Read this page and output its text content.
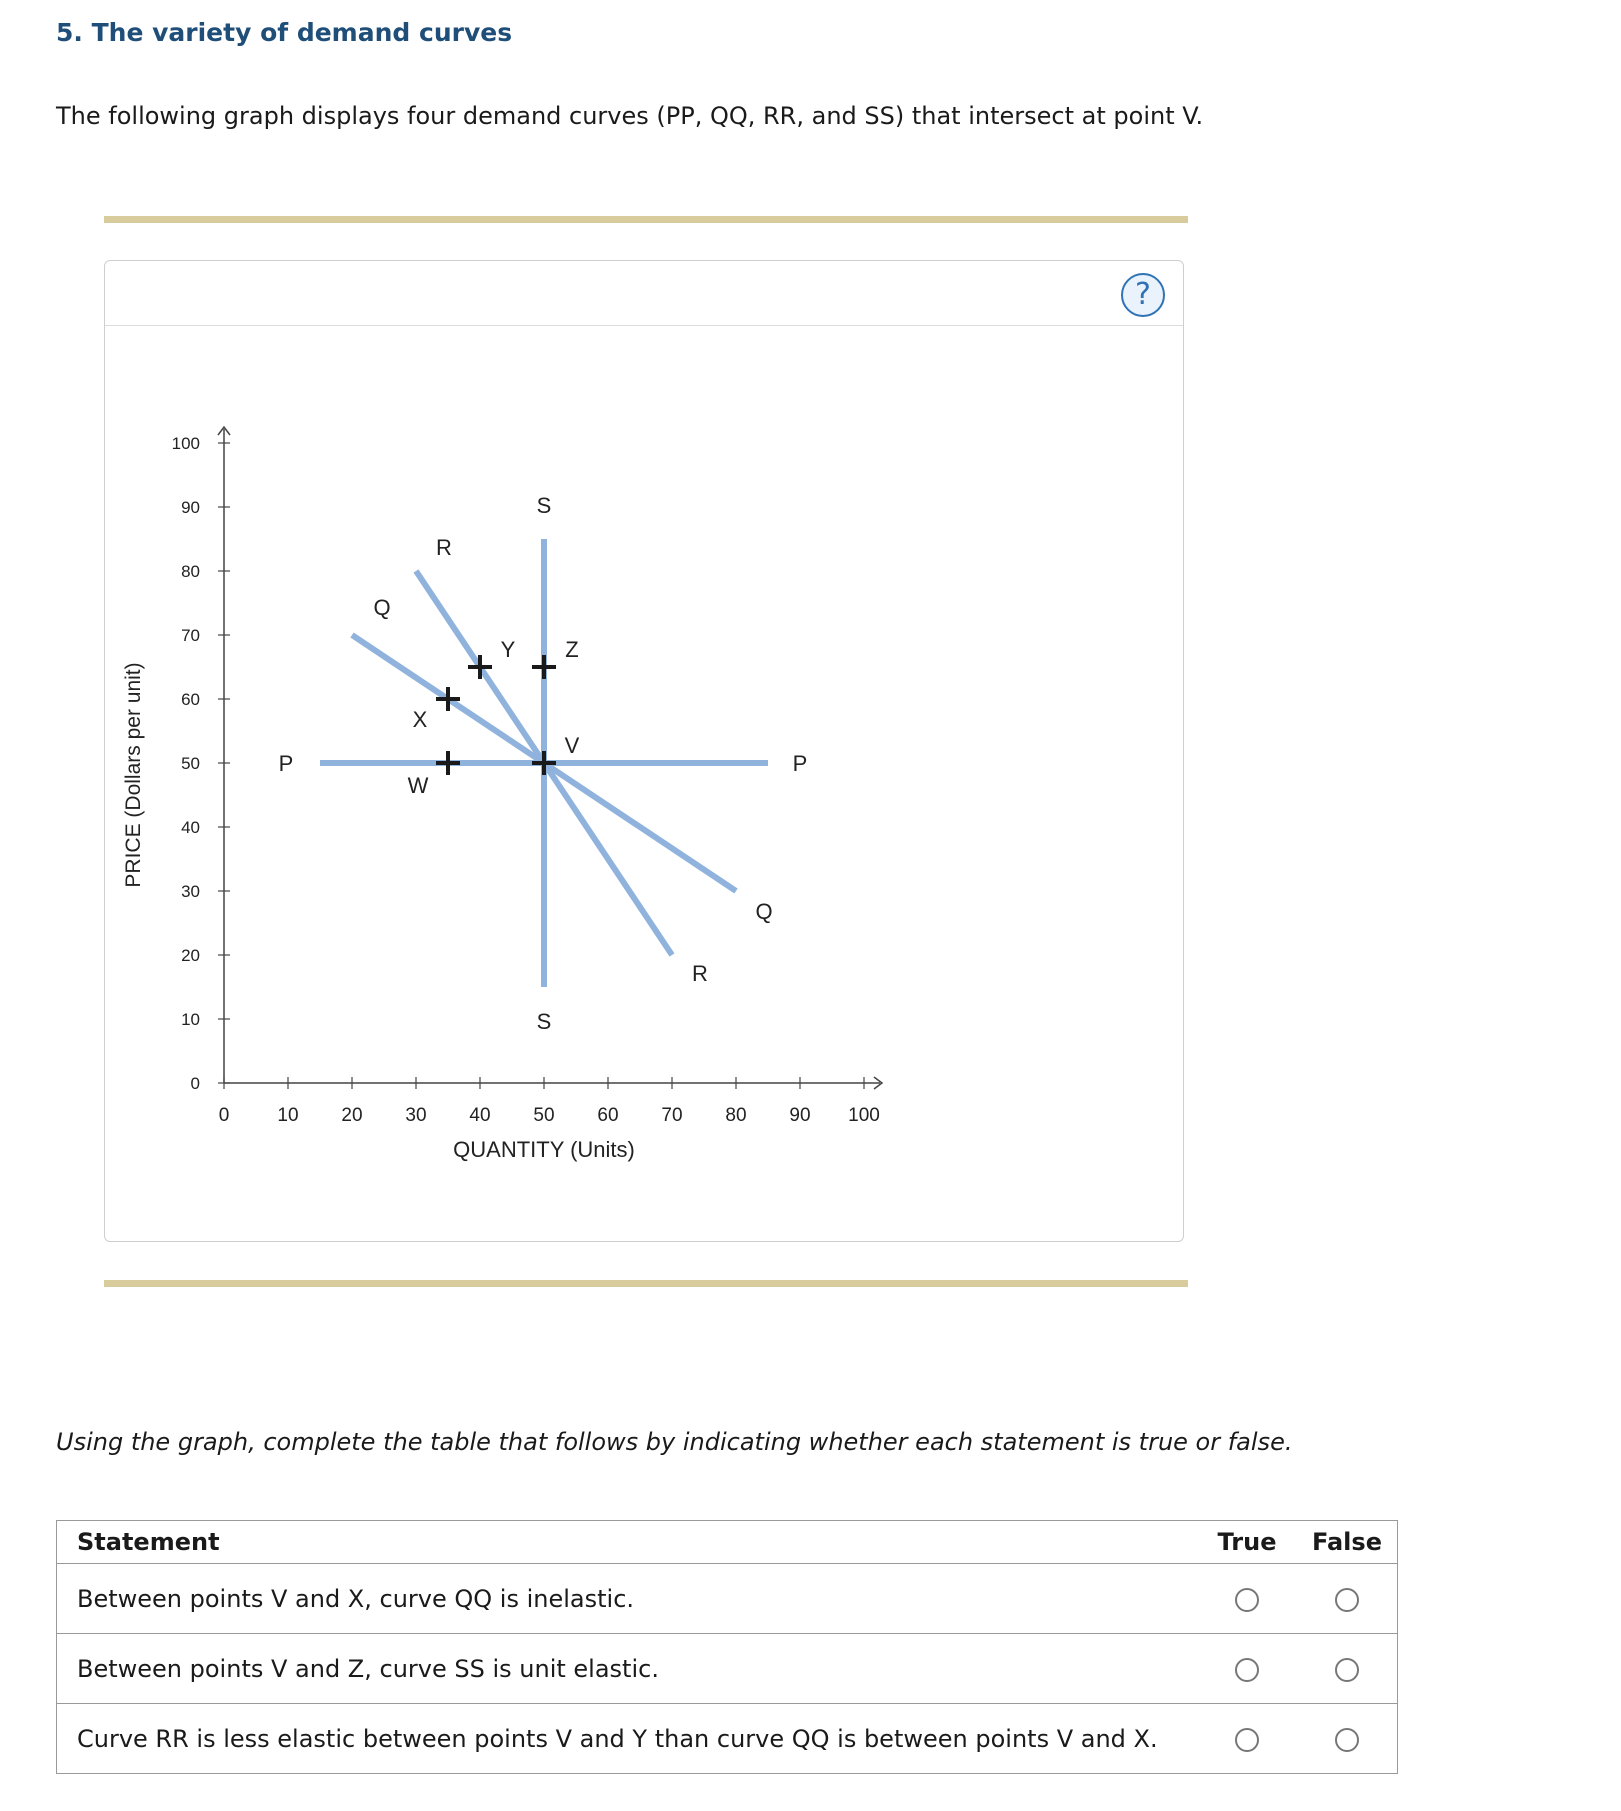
5. The variety of demand curves
The following graph displays four demand curves (PP, QQ, RR, and SS) that intersect at point V.
?
0	10 20 30 40 50 60 70 80 90 100
0
10
20
30
40
50
60
70
80
90
100
QUANTITY (Units)
PRICE (Dollars per unit)	P	P
Q
Q
R
R
S
S
V
W
X
Y Z
Using the graph, complete the table that follows by indicating whether each statement is true or false.
Statement	True	False
Between points V and X, curve QQ is inelastic.		
Between points V and Z, curve SS is unit elastic.		
Curve RR is less elastic between points V and Y than curve QQ is between points V and X.		
